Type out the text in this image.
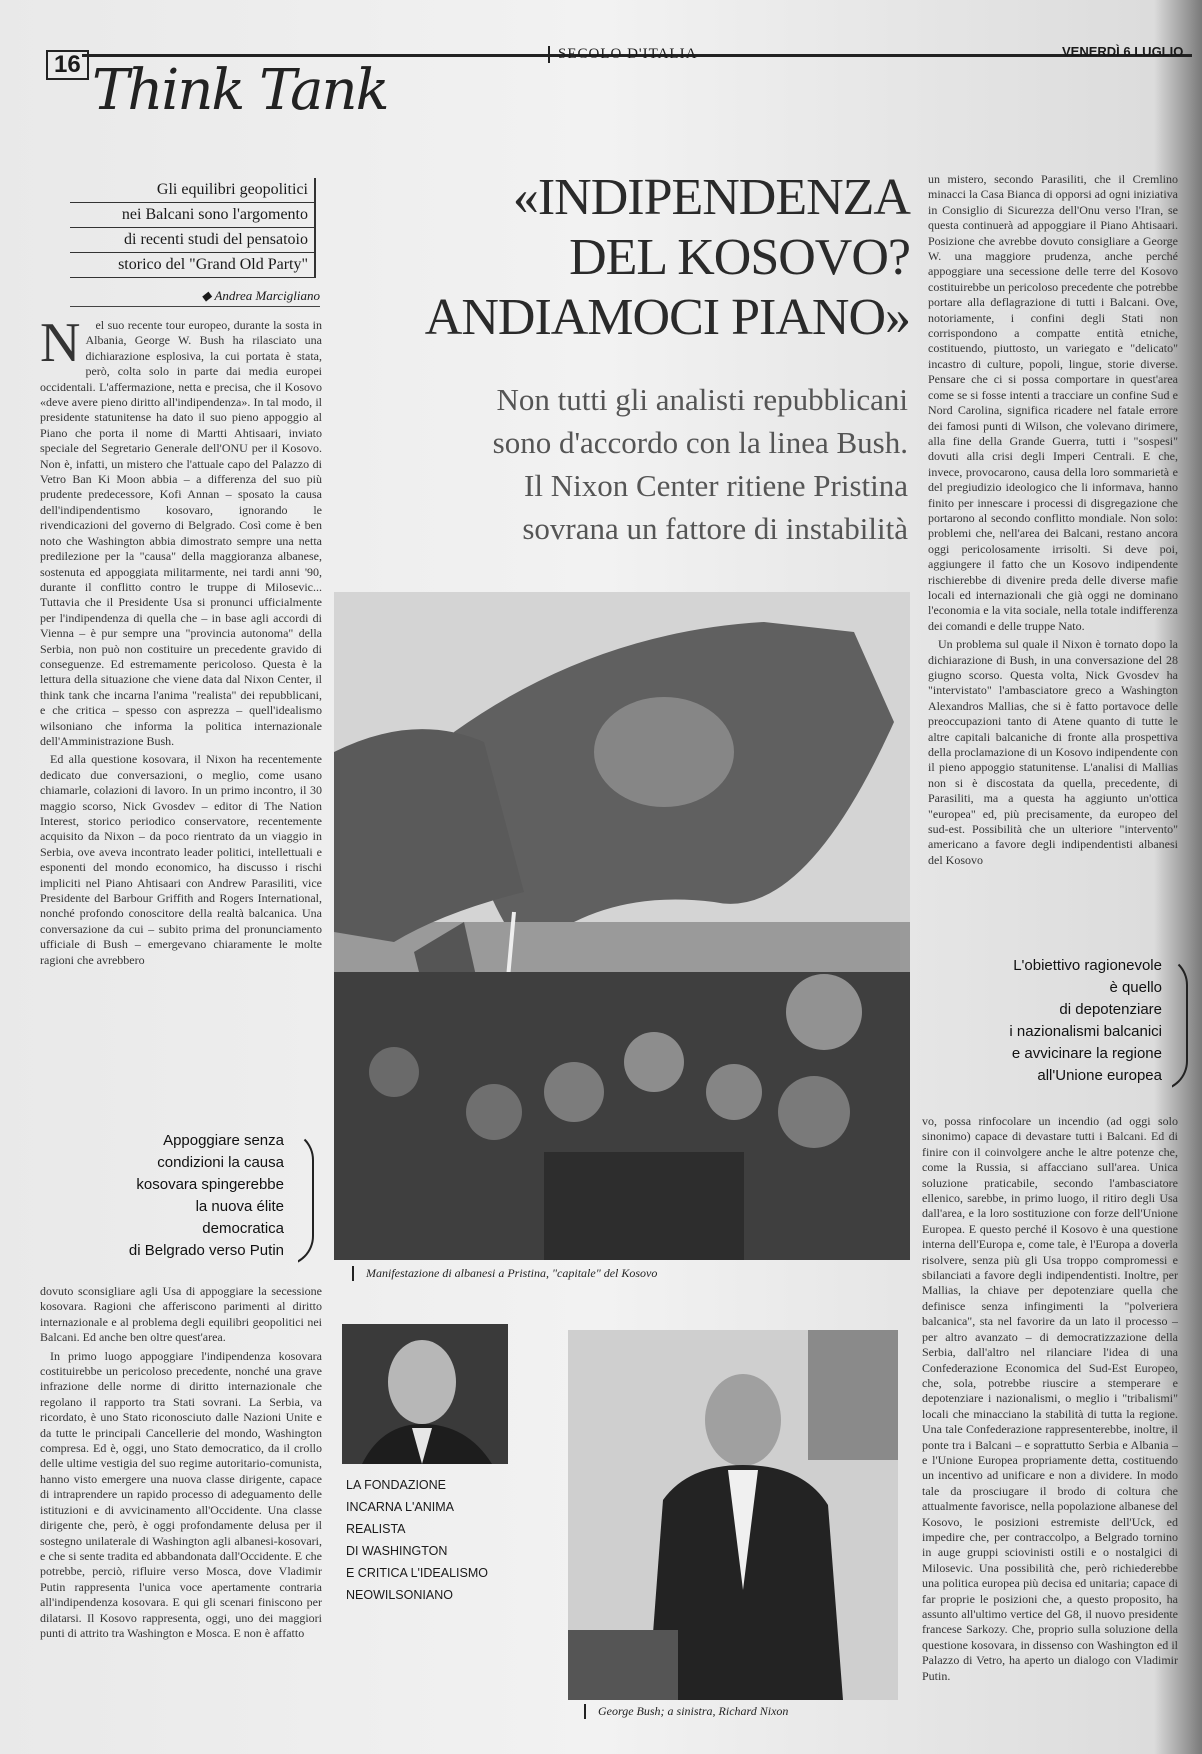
16 Think Tank
SECOLO D'ITALIA	VENERDÌ 6 LUGLIO
Gli equilibri geopolitici
nei Balcani sono l'argomento
di recenti studi del pensatoio
storico del "Grand Old Party"
◆ Andrea Marcigliano
«INDIPENDENZA
DEL KOSOVO?
ANDIAMOCI PIANO»
Non tutti gli analisti repubblicani
sono d'accordo con la linea Bush.
Il Nixon Center ritiene Pristina
sovrana un fattore di instabilità
N	el suo recente tour europeo, durante la sosta in Albania, George W. Bush ha rilasciato una dichiarazione esplosiva, la cui portata è stata, però, colta solo in parte dai media europei occidentali. L'affermazione, netta e precisa, che il Kosovo «deve avere pieno diritto all'indipendenza». In tal modo, il presidente statunitense ha dato il suo pieno appoggio al Piano che porta il nome di Martti Ahtisaari, inviato speciale del Segretario Generale dell'ONU per il Kosovo. Non è, infatti, un mistero che l'attuale capo del Palazzo di Vetro Ban Ki Moon abbia – a differenza del suo più prudente predecessore, Kofi Annan – sposato la causa dell'indipendentismo kosovaro, ignorando le rivendicazioni del governo di Belgrado. Così come è ben noto che Washington abbia dimostrato sempre una netta predilezione per la "causa" della maggioranza albanese, sostenuta ed appoggiata militarmente, nei tardi anni '90, durante il conflitto contro le truppe di Milosevic... Tuttavia che il Presidente Usa si pronunci ufficialmente per l'indipendenza di quella che – in base agli accordi di Vienna – è pur sempre una "provincia autonoma" della Serbia, non può non costituire un precedente gravido di conseguenze. Ed estremamente pericoloso. Questa è la lettura della situazione che viene data dal Nixon Center, il think tank che incarna l'anima "realista" dei repubblicani, e che critica – spesso con asprezza – quell'idealismo wilsoniano che informa la politica internazionale dell'Amministrazione Bush.

Ed alla questione kosovara, il Nixon ha recentemente dedicato due conversazioni, o meglio, come usano chiamarle, colazioni di lavoro. In un primo incontro, il 30 maggio scorso, Nick Gvosdev – editor di The Nation Interest, storico periodico conservatore, recentemente acquisito da Nixon – da poco rientrato da un viaggio in Serbia, ove aveva incontrato leader politici, intellettuali e esponenti del mondo economico, ha discusso i rischi impliciti nel Piano Ahtisaari con Andrew Parasiliti, vice Presidente del Barbour Griffith and Rogers International, nonché profondo conoscitore della realtà balcanica. Una conversazione da cui – subito prima del pronunciamento ufficiale di Bush – emergevano chiaramente le molte ragioni che avrebbero

Appoggiare senza
condizioni la causa
kosovara spingerebbe
la nuova élite
democratica
di Belgrado verso Putin

dovuto sconsigliare agli Usa di appoggiare la secessione kosovara. Ragioni che afferiscono parimenti al diritto internazionale e al problema degli equilibri geopolitici nei Balcani. Ed anche ben oltre quest'area.

In primo luogo appoggiare l'indipendenza kosovara costituirebbe un pericoloso precedente, nonché una grave infrazione delle norme di diritto internazionale che regolano il rapporto tra Stati sovrani. La Serbia, va ricordato, è uno Stato riconosciuto dalle Nazioni Unite e da tutte le principali Cancellerie del mondo, Washington compresa. Ed è, oggi, uno Stato democratico, da il crollo delle ultime vestigia del suo regime autoritario-comunista, hanno visto emergere una nuova classe dirigente, capace di intraprendere un rapido processo di adeguamento delle istituzioni e di avvicinamento all'Occidente. Una classe dirigente che, però, è oggi profondamente delusa per il sostegno unilaterale di Washington agli albanesi-kosovari, e che si sente tradita ed abbandonata dall'Occidente. E che potrebbe, perciò, rifluire verso Mosca, dove Vladimir Putin rappresenta l'unica voce apertamente contraria all'indipendenza kosovara. E qui gli scenari finiscono per dilatarsi. Il Kosovo rappresenta, oggi, uno dei maggiori punti di attrito tra Washington e Mosca. E non è affatto

Manifestazione di albanesi a Pristina, "capitale" del Kosovo
LA FONDAZIONE
INCARNA L'ANIMA
REALISTA
DI WASHINGTON
E CRITICA L'IDEALISMO
NEOWILSONIANO
George Bush; a sinistra, Richard Nixon

un mistero, secondo Parasiliti, che il Cremlino minacci la Casa Bianca di opporsi ad ogni iniziativa in Consiglio di Sicurezza dell'Onu verso l'Iran, se questa continuerà ad appoggiare il Piano Ahtisaari. Posizione che avrebbe dovuto consigliare a George W. una maggiore prudenza, anche perché appoggiare una secessione delle terre del Kosovo costituirebbe un pericoloso precedente che potrebbe portare alla deflagrazione di tutti i Balcani. Ove, notoriamente, i confini degli Stati non corrispondono a compatte entità etniche, costituendo, piuttosto, un variegato e "delicato" incastro di culture, popoli, lingue, storie diverse. Pensare che ci si possa comportare in quest'area come se si fosse intenti a tracciare un confine Sud e Nord Carolina, significa ricadere nel fatale errore dei famosi punti di Wilson, che volevano dirimere, alla fine della Grande Guerra, tutti i "sospesi" dovuti alla crisi degli Imperi Centrali. E che, invece, provocarono, causa della loro sommarietà e del pregiudizio ideologico che li informava, hanno finito per innescare i processi di disgregazione che portarono al secondo conflitto mondiale. Non solo: problemi che, nell'area dei Balcani, restano ancora oggi pericolosamente irrisolti. Si deve poi, aggiungere il fatto che un Kosovo indipendente rischierebbe di divenire preda delle diverse mafie locali ed internazionali che già oggi ne dominano l'economia e la vita sociale, nella totale indifferenza dei comandi e delle truppe Nato.

Un problema sul quale il Nixon è tornato dopo la dichiarazione di Bush, in una conversazione del 28 giugno scorso. Questa volta, Nick Gvosdev ha "intervistato" l'ambasciatore greco a Washington Alexandros Mallias, che si è fatto portavoce delle preoccupazioni tanto di Atene quanto di tutte le altre capitali balcaniche di fronte alla prospettiva della proclamazione di un Kosovo indipendente con il pieno appoggio statunitense. L'analisi di Mallias non si è discostata da quella, precedente, di Parasiliti, ma a questa ha aggiunto un'ottica "europea" ed, più precisamente, da europeo del sud-est. Possibilità che un ulteriore "intervento" americano a favore degli indipendentisti albanesi del Kosovo

L'obiettivo ragionevole
è quello
di depotenziare
i nazionalismi balcanici
e avvicinare la regione
all'Unione europea

vo, possa rinfocolare un incendio (ad oggi solo sinonimo) capace di devastare tutti i Balcani. Ed di finire con il coinvolgere anche le altre potenze che, come la Russia, si affacciano sull'area. Unica soluzione praticabile, secondo l'ambasciatore ellenico, sarebbe, in primo luogo, il ritiro degli Usa dall'area, e la loro sostituzione con forze dell'Unione Europea. E questo perché il Kosovo è una questione interna dell'Europa e, come tale, è l'Europa a doverla risolvere, senza più gli Usa troppo compromessi e sbilanciati a favore degli indipendentisti. Inoltre, per Mallias, la chiave per depotenziare quella che definisce senza infingimenti la "polveriera balcanica", sta nel favorire da un lato il processo – per altro avanzato – di democratizzazione della Serbia, dall'altro nel rilanciare l'idea di una Confederazione Economica del Sud-Est Europeo, che, sola, potrebbe riuscire a stemperare e depotenziare i nazionalismi, o meglio i "tribalismi" locali che minacciano la stabilità di tutta la regione. Una tale Confederazione rappresenterebbe, inoltre, il ponte tra i Balcani – e soprattutto Serbia e Albania – e l'Unione Europea propriamente detta, costituendo un incentivo ad unificare e non a dividere. In modo tale da prosciugare il brodo di coltura che attualmente favorisce, nella popolazione albanese del Kosovo, le posizioni estremiste dell'Uck, ed impedire che, per contraccolpo, a Belgrado tornino in auge gruppi sciovinisti ostili e o nostalgici di Milosevic. Una possibilità che, però richiederebbe una politica europea più decisa ed unitaria; capace di far proprie le posizioni che, a questo proposito, ha assunto all'ultimo vertice del G8, il nuovo presidente francese Sarkozy. Che, proprio sulla soluzione della questione kosovara, in dissenso con Washington ed il Palazzo di Vetro, ha aperto un dialogo con Vladimir Putin.
